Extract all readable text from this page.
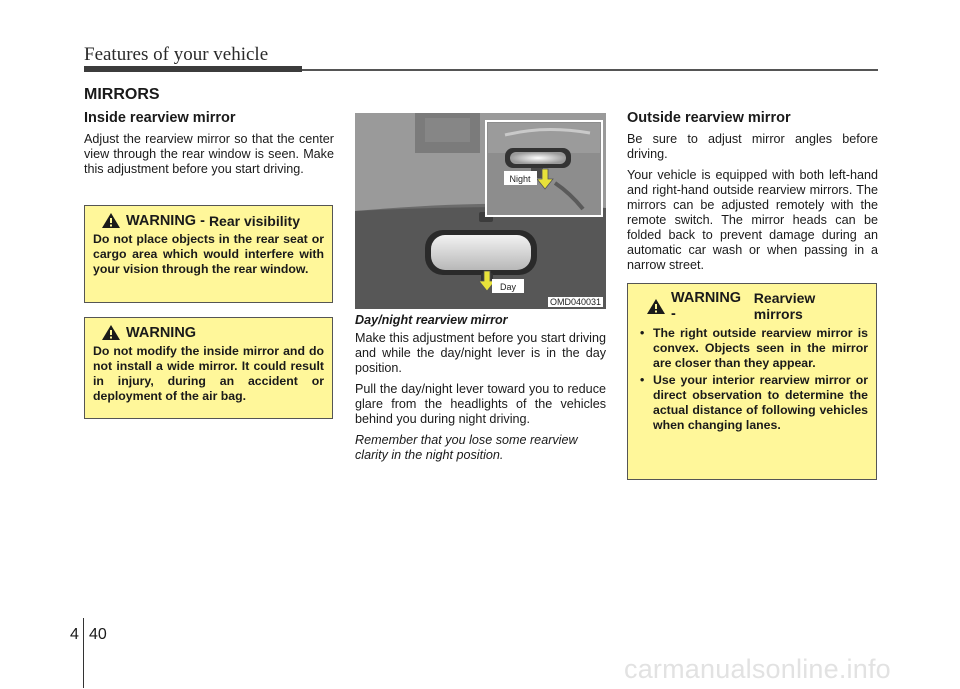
Features of your vehicle
MIRRORS
Inside rearview mirror

Adjust the rearview mirror so that the center view through the rear window is seen. Make this adjustment before you start driving.

WARNING - Rear visibility
Do not place objects in the rear seat or cargo area which would interfere with your vision through the rear window.
WARNING
Do not modify the inside mirror and do not install a wide mirror. It could result in injury, during an accident or deployment of the air bag.
Day
Night
OMD040031

Day/night rearview mirror

Make this adjustment before you start driving and while the day/night lever is in the day position.

Pull the day/night lever toward you to reduce glare from the headlights of the vehicles behind you during night driving.

Remember that you lose some rearview clarity in the night position.

Outside rearview mirror

Be sure to adjust mirror angles before driving.

Your vehicle is equipped with both left-hand and right-hand outside rearview mirrors. The mirrors can be adjusted remotely with the remote switch. The mirror heads can be folded back to prevent damage during an automatic car wash or when passing in a narrow street.

WARNING -
Rearview mirrors
• The right outside rearview mirror is convex. Objects seen in the mirror are closer than they appear.
• Use your interior rearview mirror or direct observation to determine the actual distance of following vehicles when changing lanes.
4 40
carmanualsonline.info
